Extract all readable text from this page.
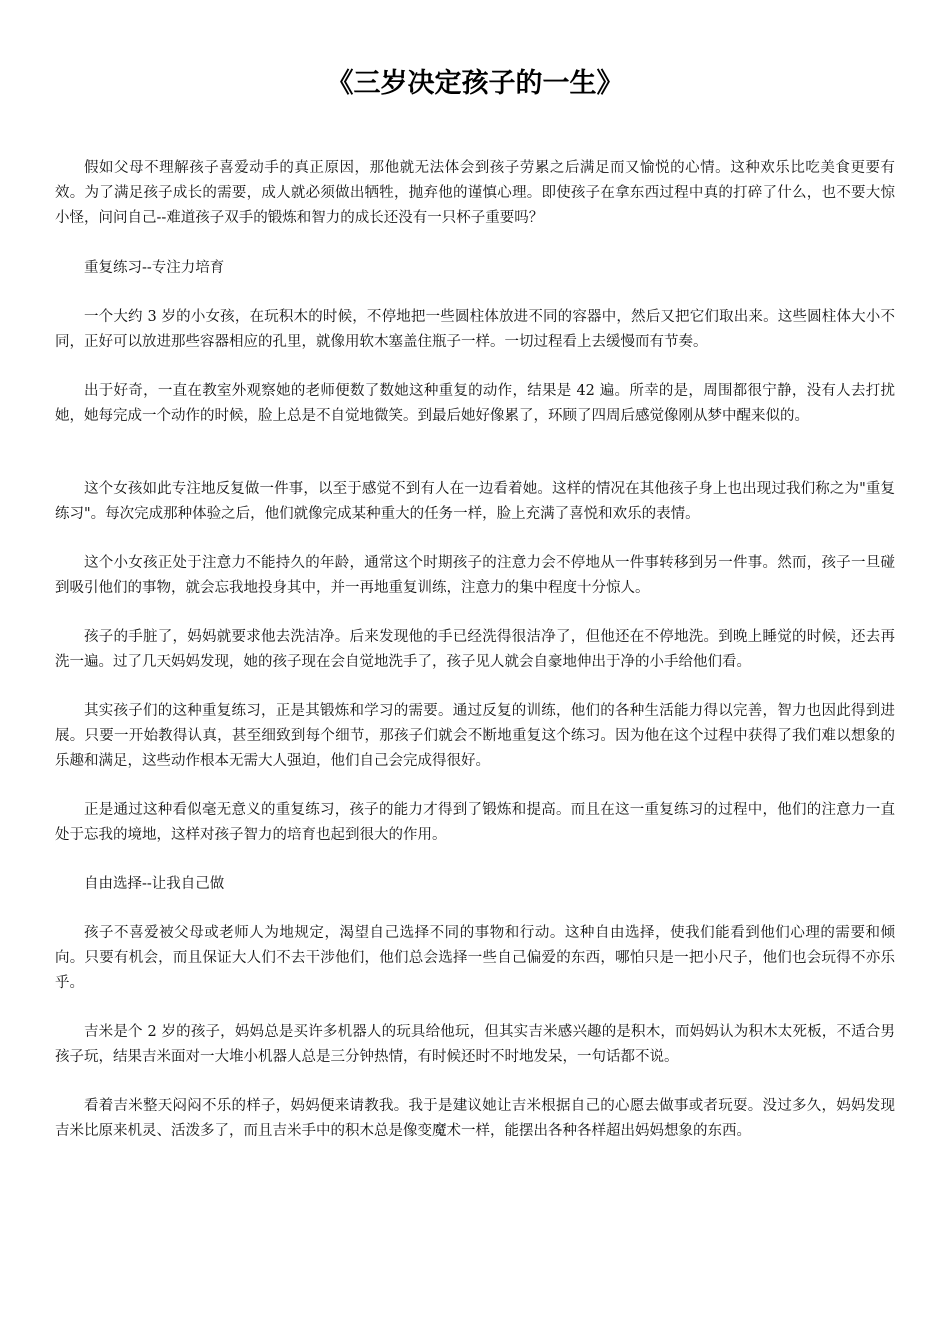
《三岁决定孩子的一生》

假如父母不理解孩子喜爱动手的真正原因，那他就无法体会到孩子劳累之后满足而又愉悦的心情。这种欢乐比吃美食更要有效。为了满足孩子成长的需要，成人就必须做出牺牲，抛弃他的谨慎心理。即使孩子在拿东西过程中真的打碎了什么，也不要大惊小怪，问问自己--难道孩子双手的锻炼和智力的成长还没有一只杯子重要吗？

重复练习--专注力培育

一个大约 3 岁的小女孩，在玩积木的时候，不停地把一些圆柱体放进不同的容器中，然后又把它们取出来。这些圆柱体大小不同，正好可以放进那些容器相应的孔里，就像用软木塞盖住瓶子一样。一切过程看上去缓慢而有节奏。

出于好奇，一直在教室外观察她的老师便数了数她这种重复的动作，结果是 42 遍。所幸的是，周围都很宁静，没有人去打扰她，她每完成一个动作的时候，脸上总是不自觉地微笑。到最后她好像累了，环顾了四周后感觉像刚从梦中醒来似的。

这个女孩如此专注地反复做一件事，以至于感觉不到有人在一边看着她。这样的情况在其他孩子身上也出现过我们称之为"重复练习"。每次完成那种体验之后，他们就像完成某种重大的任务一样，脸上充满了喜悦和欢乐的表情。

这个小女孩正处于注意力不能持久的年龄，通常这个时期孩子的注意力会不停地从一件事转移到另一件事。然而，孩子一旦碰到吸引他们的事物，就会忘我地投身其中，并一再地重复训练，注意力的集中程度十分惊人。

孩子的手脏了，妈妈就要求他去洗洁净。后来发现他的手已经洗得很洁净了，但他还在不停地洗。到晚上睡觉的时候，还去再洗一遍。过了几天妈妈发现，她的孩子现在会自觉地洗手了，孩子见人就会自豪地伸出于净的小手给他们看。

其实孩子们的这种重复练习，正是其锻炼和学习的需要。通过反复的训练，他们的各种生活能力得以完善，智力也因此得到进展。只要一开始教得认真，甚至细致到每个细节，那孩子们就会不断地重复这个练习。因为他在这个过程中获得了我们难以想象的乐趣和满足，这些动作根本无需大人强迫，他们自己会完成得很好。

正是通过这种看似毫无意义的重复练习，孩子的能力才得到了锻炼和提高。而且在这一重复练习的过程中，他们的注意力一直处于忘我的境地，这样对孩子智力的培育也起到很大的作用。

自由选择--让我自己做

孩子不喜爱被父母或老师人为地规定，渴望自己选择不同的事物和行动。这种自由选择，使我们能看到他们心理的需要和倾向。只要有机会，而且保证大人们不去干涉他们，他们总会选择一些自己偏爱的东西，哪怕只是一把小尺子，他们也会玩得不亦乐乎。

吉米是个 2 岁的孩子，妈妈总是买许多机器人的玩具给他玩，但其实吉米感兴趣的是积木，而妈妈认为积木太死板，不适合男孩子玩，结果吉米面对一大堆小机器人总是三分钟热情，有时候还时不时地发呆，一句话都不说。

看着吉米整天闷闷不乐的样子，妈妈便来请教我。我于是建议她让吉米根据自己的心愿去做事或者玩耍。没过多久，妈妈发现吉米比原来机灵、活泼多了，而且吉米手中的积木总是像变魔术一样，能摆出各种各样超出妈妈想象的东西。
